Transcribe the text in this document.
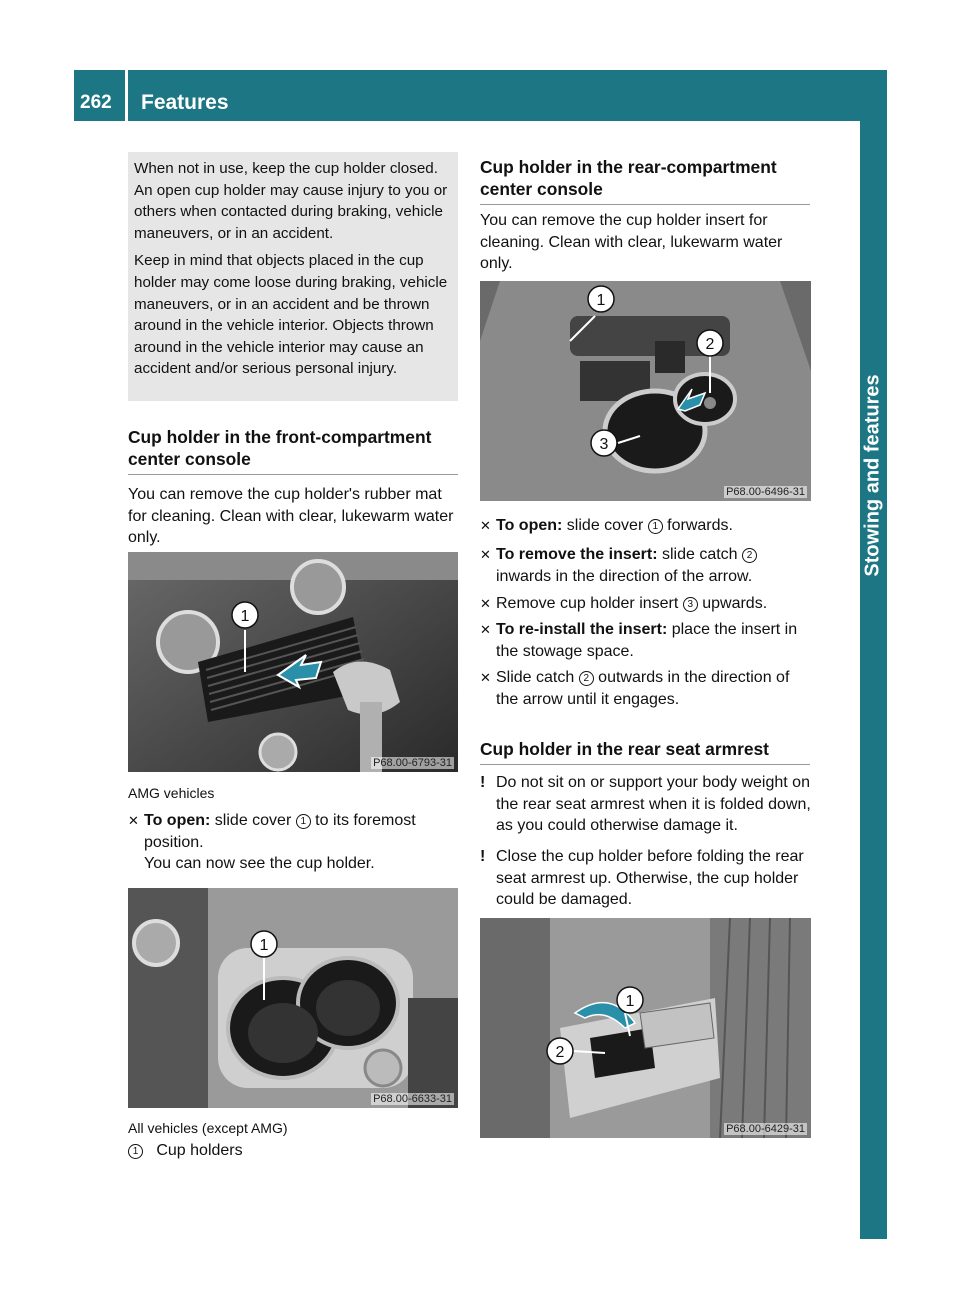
262 Features
Stowing and features

When not in use, keep the cup holder closed. An open cup holder may cause injury to you or others when contacted during braking, vehicle maneuvers, or in an accident.

Keep in mind that objects placed in the cup holder may come loose during braking, vehicle maneuvers, or in an accident and be thrown around in the vehicle interior. Objects thrown around in the vehicle interior may cause an accident and/or serious personal injury.

Cup holder in the front-compartment center console
You can remove the cup holder's rubber mat for cleaning. Clean with clear, lukewarm water only.
1
P68.00-6793-31
AMG vehicles
✕ To open: slide cover 1 to its foremost position.
You can now see the cup holder.
1
P68.00-6633-31
All vehicles (except AMG)
1 Cup holders
Cup holder in the rear-compartment center console
You can remove the cup holder insert for cleaning. Clean with clear, lukewarm water only.
1
2
3
P68.00-6496-31
✕ To open: slide cover 1 forwards.
✕ To remove the insert: slide catch 2 inwards in the direction of the arrow.
✕ Remove cup holder insert 3 upwards.
✕ To re-install the insert: place the insert in the stowage space.
✕ Slide catch 2 outwards in the direction of the arrow until it engages.
Cup holder in the rear seat armrest
! Do not sit on or support your body weight on the rear seat armrest when it is folded down, as you could otherwise damage it.
! Close the cup holder before folding the rear seat armrest up. Otherwise, the cup holder could be damaged.
1
2
P68.00-6429-31
